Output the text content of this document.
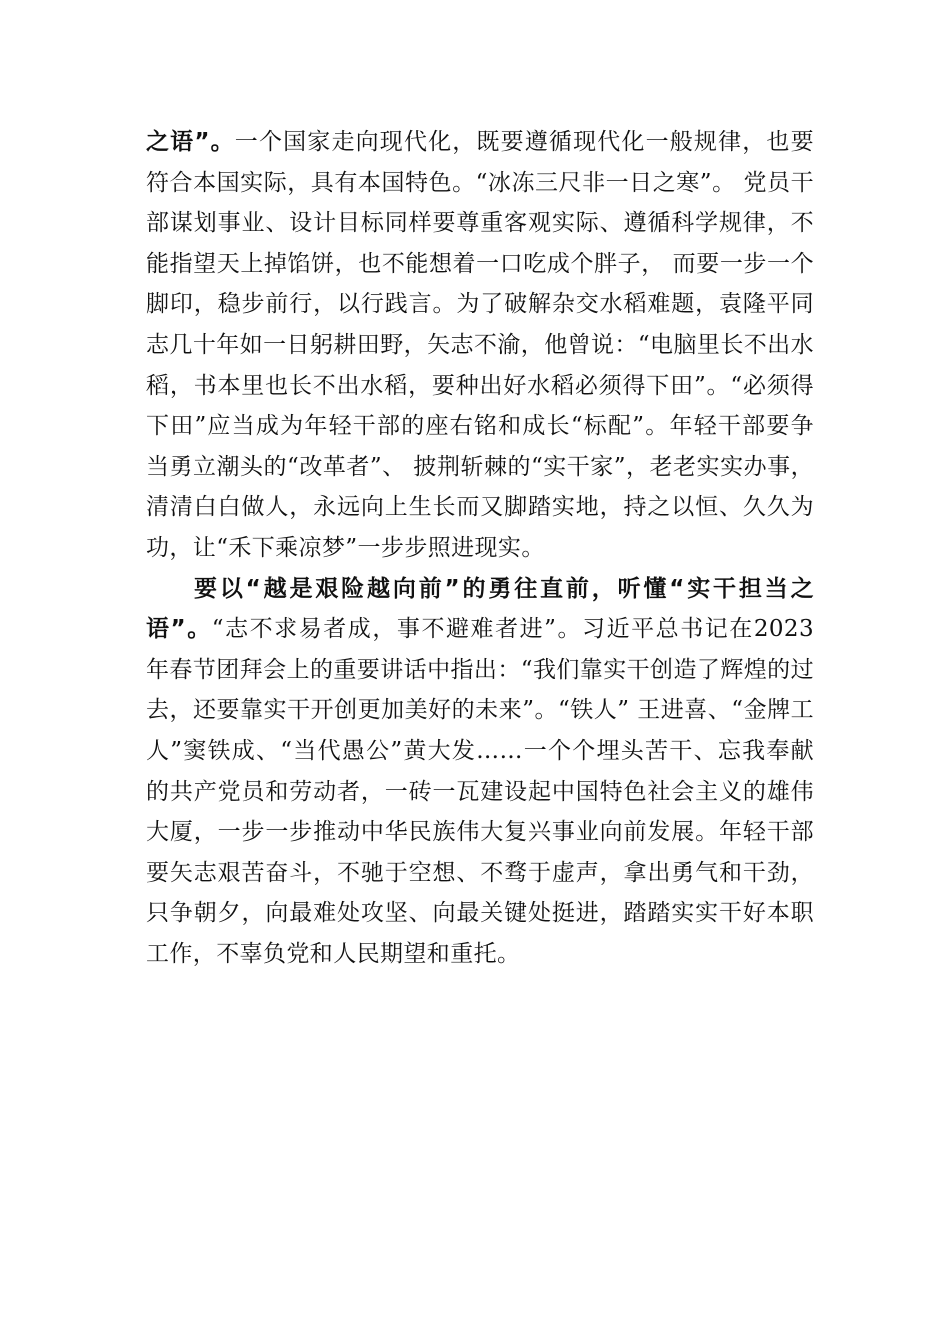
之语”。一个国家走向现代化，既要遵循现代化一般规律，也要符合本国实际，具有本国特色。“冰冻三尺非一日之寒”。 党员干部谋划事业、设计目标同样要尊重客观实际、遵循科学规律，不能指望天上掉馅饼，也不能想着一口吃成个胖子， 而要一步一个脚印，稳步前行，以行践言。为了破解杂交水稻难题，袁隆平同志几十年如一日躬耕田野，矢志不渝，他曾说：“电脑里长不出水稻，书本里也长不出水稻，要种出好水稻必须得下田”。“必须得下田”应当成为年轻干部的座右铭和成长“标配”。年轻干部要争当勇立潮头的“改革者”、 披荆斩棘的“实干家”，老老实实办事，清清白白做人，永远向上生长而又脚踏实地，持之以恒、久久为功，让“禾下乘凉梦”一步步照进现实。

要以“越是艰险越向前”的勇往直前，听懂“实干担当之语”。“志不求易者成，事不避难者进”。习近平总书记在2023 年春节团拜会上的重要讲话中指出：“我们靠实干创造了辉煌的过去，还要靠实干开创更加美好的未来”。“铁人” 王进喜、“金牌工人”窦铁成、“当代愚公”黄大发……一个个埋头苦干、忘我奉献的共产党员和劳动者，一砖一瓦建设起中国特色社会主义的雄伟大厦，一步一步推动中华民族伟大复兴事业向前发展。年轻干部要矢志艰苦奋斗，不驰于空想、不骛于虚声，拿出勇气和干劲，只争朝夕，向最难处攻坚、向最关键处挺进，踏踏实实干好本职工作，不辜负党和人民期望和重托。
